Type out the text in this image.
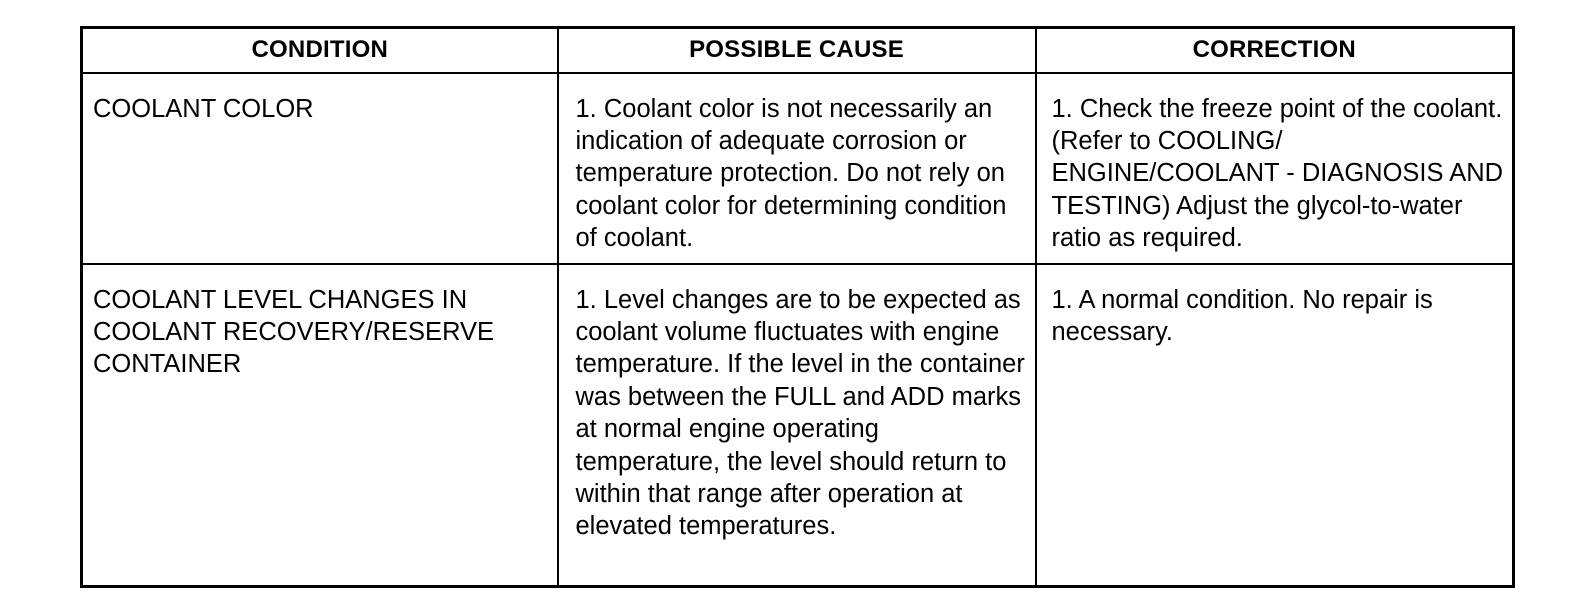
CONDITION	POSSIBLE CAUSE	CORRECTION

COOLANT COLOR	1. Coolant color is not necessarily an indication of adequate corrosion or temperature protection. Do not rely on coolant color for determining condition of coolant.	1. Check the freeze point of the coolant. (Refer to COOLING/ ENGINE/COOLANT - DIAGNOSIS AND TESTING) Adjust the glycol-to-water ratio as required.

COOLANT LEVEL CHANGES IN COOLANT RECOVERY/RESERVE CONTAINER	1. Level changes are to be expected as coolant volume fluctuates with engine temperature. If the level in the container was between the FULL and ADD marks at normal engine operating temperature, the level should return to within that range after operation at elevated temperatures.	1. A normal condition. No repair is necessary.
